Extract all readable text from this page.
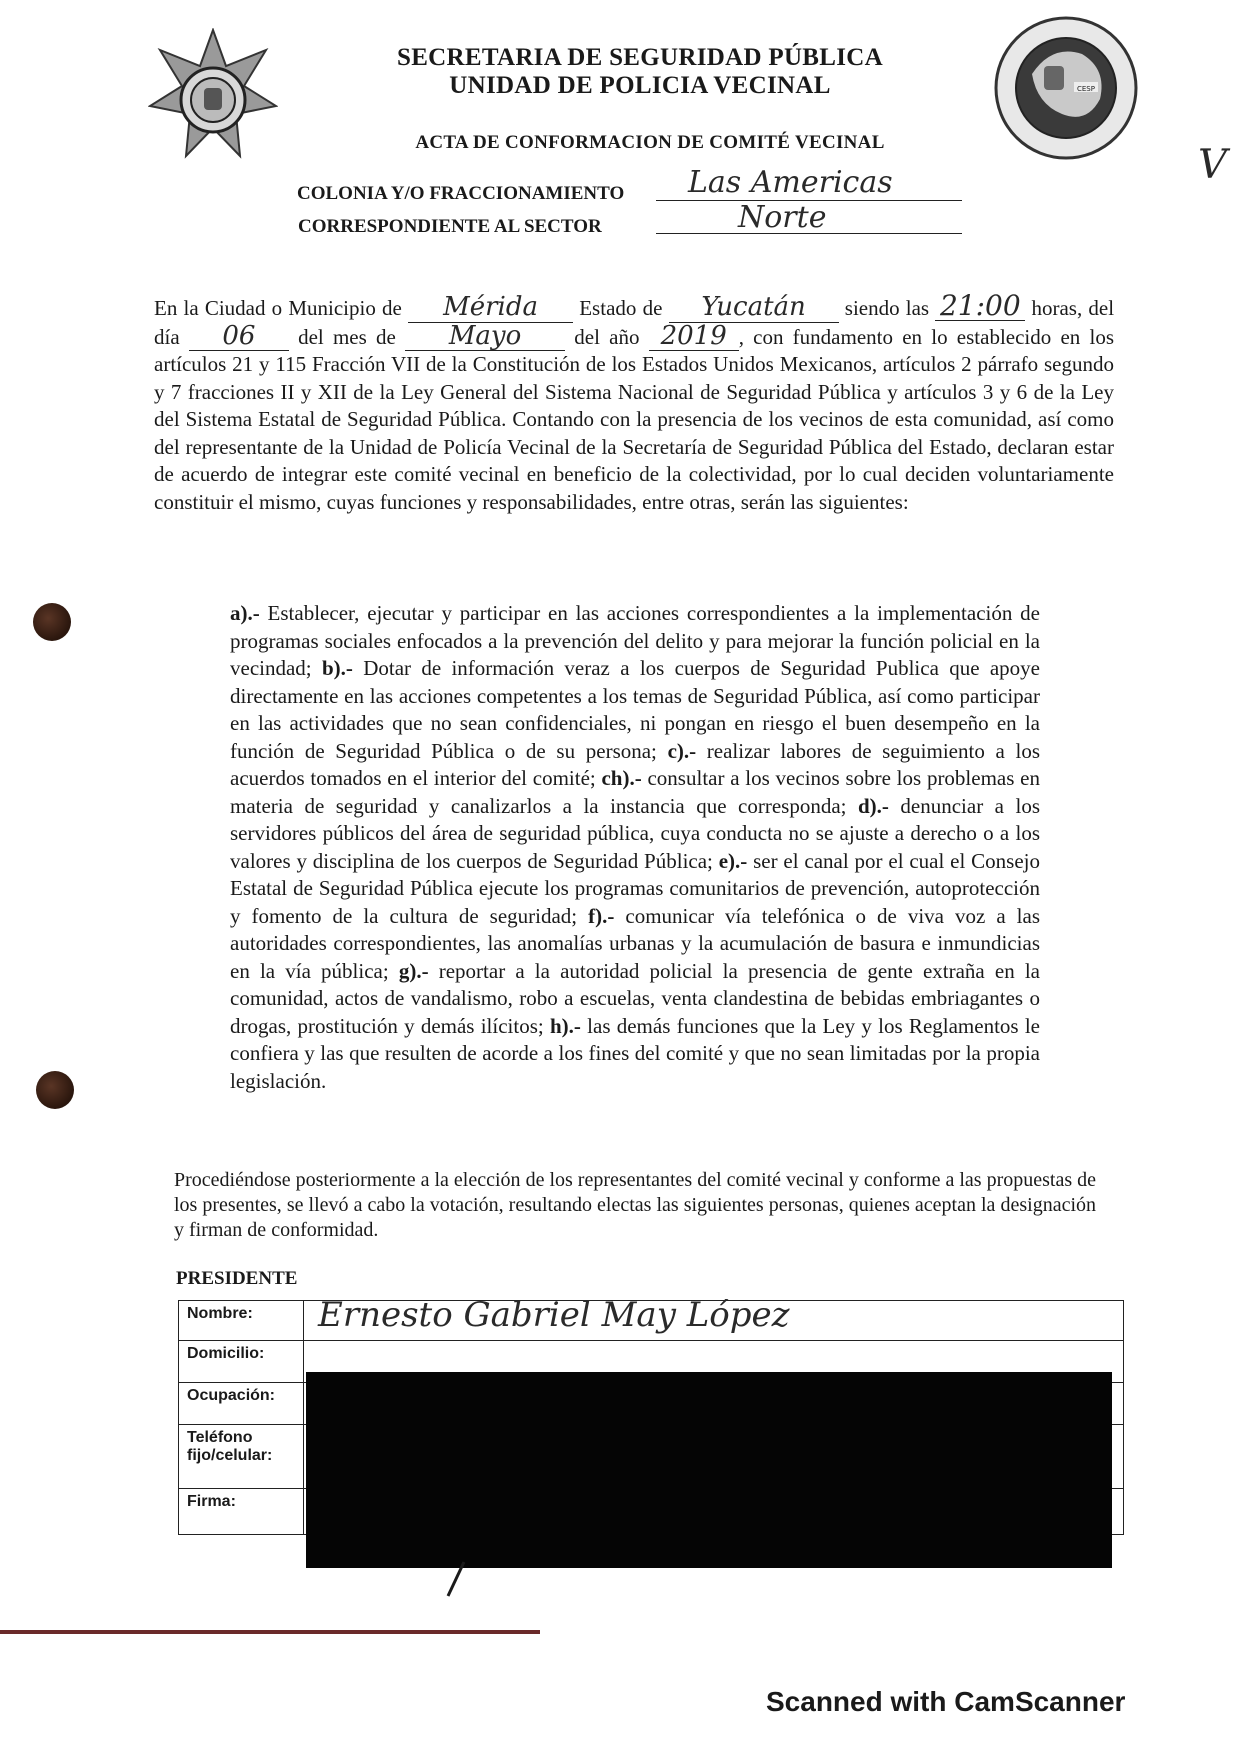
CESP
SECRETARIA DE SEGURIDAD PÚBLICA
UNIDAD DE POLICIA VECINAL
ACTA DE CONFORMACION DE COMITÉ VECINAL	V
COLONIA Y/O FRACCIONAMIENTO Las Americas
CORRESPONDIENTE AL SECTOR	Norte

En la Ciudad o Municipio de Mérida Estado de Yucatán siendo las 21:00 horas, del día 06 del mes de Mayo	del año 2019 , con fundamento en lo establecido en los artículos 21 y 115 Fracción VII de la Constitución de los Estados Unidos Mexicanos, artículos 2 párrafo segundo y 7 fracciones II y XII de la Ley General del Sistema Nacional de Seguridad Pública y artículos 3 y 6 de la Ley del Sistema Estatal de Seguridad Pública. Contando con la presencia de los vecinos de esta comunidad, así como del representante de la Unidad de Policía Vecinal de la Secretaría de Seguridad Pública del Estado, declaran estar de acuerdo de integrar este comité vecinal en beneficio de la colectividad, por lo cual deciden voluntariamente constituir el mismo, cuyas funciones y responsabilidades, entre otras, serán las siguientes:

a).- Establecer, ejecutar y participar en las acciones correspondientes a la implementación de programas sociales enfocados a la prevención del delito y para mejorar la función policial en la vecindad; b).- Dotar de información veraz a los cuerpos de Seguridad Publica que apoye directamente en las acciones competentes a los temas de Seguridad Pública, así como participar en las actividades que no sean confidenciales, ni pongan en riesgo el buen desempeño en la función de Seguridad Pública o de su persona; c).- realizar labores de seguimiento a los acuerdos tomados en el interior del comité; ch).- consultar a los vecinos sobre los problemas en materia de seguridad y canalizarlos a la instancia que corresponda; d).- denunciar a los servidores públicos del área de seguridad pública, cuya conducta no se ajuste a derecho o a los valores y disciplina de los cuerpos de Seguridad Pública; e).- ser el canal por el cual el Consejo Estatal de Seguridad Pública ejecute los programas comunitarios de prevención, autoprotección y fomento de la cultura de seguridad; f).- comunicar vía telefónica o de viva voz a las autoridades correspondientes, las anomalías urbanas y la acumulación de basura e inmundicias en la vía pública; g).- reportar a la autoridad policial la presencia de gente extraña en la comunidad, actos de vandalismo, robo a escuelas, venta clandestina de bebidas embriagantes o drogas, prostitución y demás ilícitos; h).- las demás funciones que la Ley y los Reglamentos le confiera y las que resulten de acorde a los fines del comité y que no sean limitadas por la propia legislación.

Procediéndose posteriormente a la elección de los representantes del comité vecinal y conforme a las propuestas de los presentes, se llevó a cabo la votación, resultando electas las siguientes personas, quienes aceptan la designación y firman de conformidad.

PRESIDENTE
Nombre:	Ernesto Gabriel May López

Domicilio:	
Ocupación:	
Teléfono fijo/celular:	
Firma:	
Scanned with CamScanner
